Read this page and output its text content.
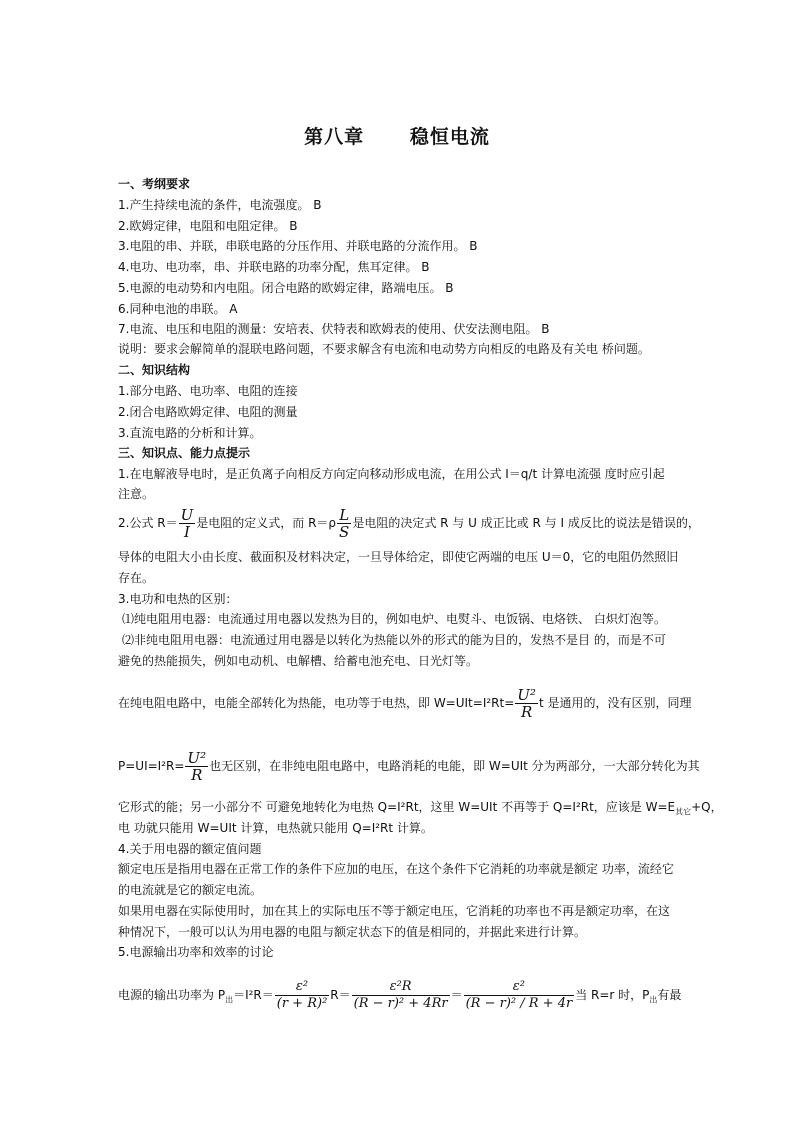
第八章      稳恒电流
一、考纲要求
1.产生持续电流的条件，电流强度。 B
2.欧姆定律，电阻和电阻定律。 B
3.电阻的串、并联，串联电路的分压作用、并联电路的分流作用。 B
4.电功、电功率，串、并联电路的功率分配，焦耳定律。 B
5.电源的电动势和内电阻。闭合电路的欧姆定律，路端电压。 B
6.同种电池的串联。 A
7.电流、电压和电阻的测量：安培表、伏特表和欧姆表的使用、伏安法测电阻。 B
说明：要求会解简单的混联电路问题，不要求解含有电流和电动势方向相反的电路及有关电 桥问题。
二、知识结构
1.部分电路、电功率、电阻的连接
2.闭合电路欧姆定律、电阻的测量
3.直流电路的分析和计算。
三、知识点、能力点提示
1.在电解液导电时，是正负离子向相反方向定向移动形成电流，在用公式 I＝q/t 计算电流强 度时应引起
注意。
2.公式 $R= \frac{U}{I}$ 是电阻的定义式，而 $R=\rho \frac{L}{S}$ 是电阻的决定式 R 与 U 成正比或 R 与 I 成反比的说法是错误的，
导体的电阻大小由长度、截面积及材料决定，一旦导体给定，即使它两端的电压 U＝0，它的电阻仍然照旧
存在。
3.电功和电热的区别：
⑴纯电阻用电器：电流通过用电器以发热为目的，例如电炉、电熨斗、电饭锅、电烙铁、 白炽灯泡等。
⑵非纯电阻用电器：电流通过用电器是以转化为热能以外的形式的能为目的，发热不是目 的，而是不可
避免的热能损失，例如电动机、电解槽、给蓄电池充电、日光灯等。
在纯电阻电路中，电能全部转化为热能，电功等于电热，即 $W=UIt=I^2Rt= \frac{\text{U²}}{R}$ t 是通用的，没有区别，同理
$P=UI=I^2R= \frac{\text{U²}}{R}$ 也无区别，在非纯电阻电路中，电路消耗的电能，即 W=UIt 分为两部分，一大部分转化为其
它形式的能；另一小部分不 可避免地转化为电热 Q=I²Rt，这里 W=UIt 不再等于 Q=I²Rt，应该是 $W=E_{其它}+Q$，
电 功就只能用 W=UIt 计算，电热就只能用 Q=I²Rt 计算。
4.关于用电器的额定值问题
额定电压是指用电器在正常工作的条件下应加的电压，在这个条件下它消耗的功率就是额定 功率，流经它
的电流就是它的额定电流。
如果用电器在实际使用时，加在其上的实际电压不等于额定电压，它消耗的功率也不再是额定功率，在这
种情况下，一般可以认为用电器的电阻与额定状态下的值是相同的，并据此来进行计算。
5.电源输出功率和效率的讨论
电源的输出功率为 $P_出=I^2R= \frac{\text{ε²}}{\text{(r + R)²}} R= \frac{\text{ε²R}}{\text{(R − r)² + 4Rr}} = \frac{\text{ε²}}{\text{(R − r)² / R + 4r}}$ 当 R=r 时，$P_出$有最
